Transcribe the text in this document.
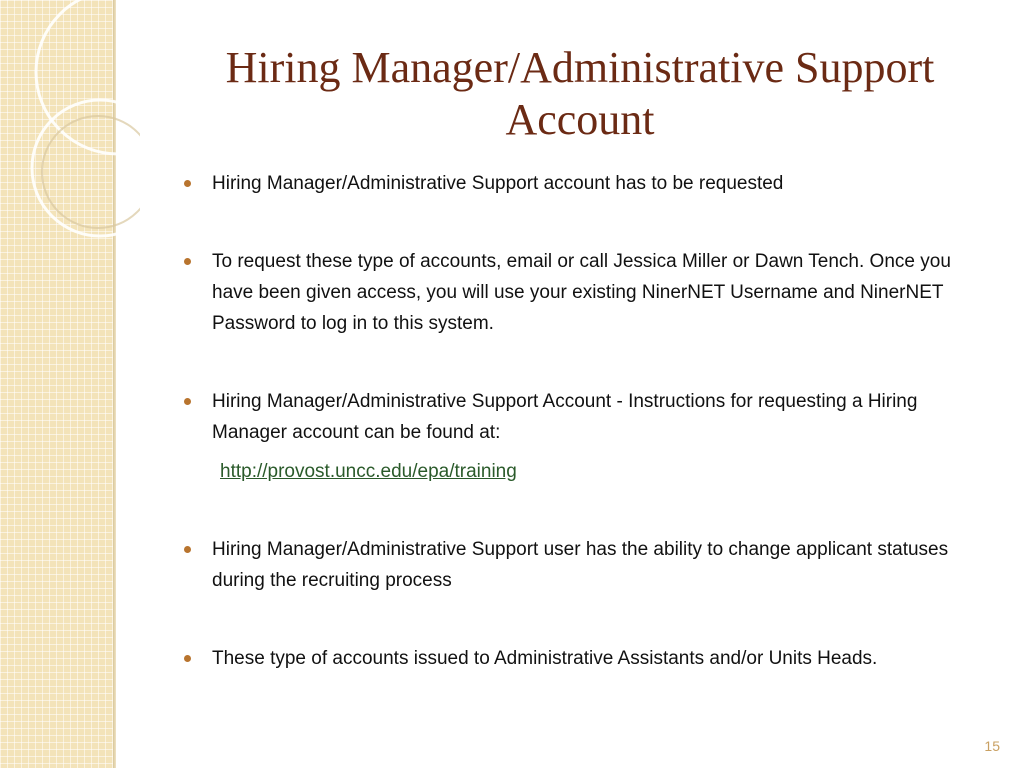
Hiring Manager/Administrative Support Account
Hiring Manager/Administrative Support account has to be requested
To request these type of accounts, email or call Jessica Miller or Dawn Tench. Once you have been given access, you will use your existing NinerNET Username and NinerNET Password to log in to this system.
Hiring Manager/Administrative Support Account - Instructions for requesting a Hiring Manager account can be found at:
http://provost.uncc.edu/epa/training
Hiring Manager/Administrative Support user has the ability to change applicant statuses during the recruiting process
These type of accounts issued to Administrative Assistants and/or Units Heads.
15
